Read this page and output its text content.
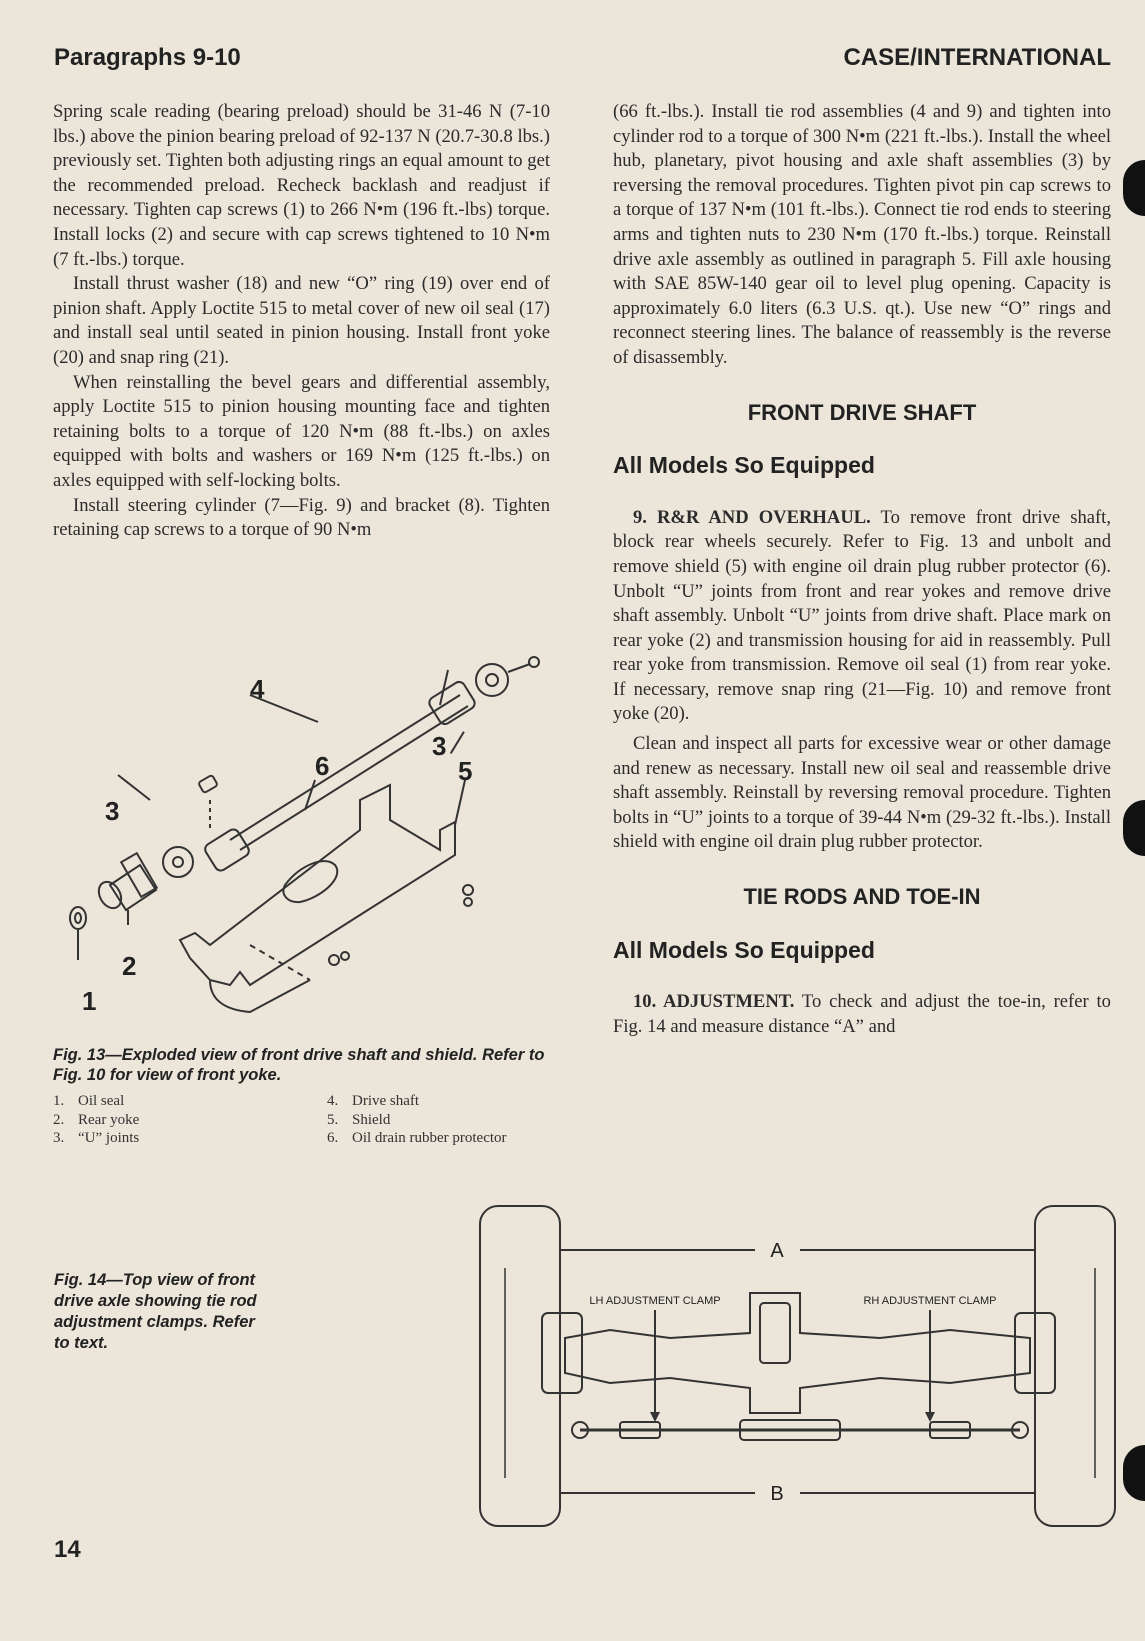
Paragraphs 9-10	CASE/INTERNATIONAL

Spring scale reading (bearing preload) should be 31-46 N (7-10 lbs.) above the pinion bearing preload of 92-137 N (20.7-30.8 lbs.) previously set. Tighten both adjusting rings an equal amount to get the recommended preload. Recheck backlash and readjust if necessary. Tighten cap screws (1) to 266 N•m (196 ft.-lbs) torque. Install locks (2) and secure with cap screws tightened to 10 N•m (7 ft.-lbs.) torque.

Install thrust washer (18) and new “O” ring (19) over end of pinion shaft. Apply Loctite 515 to metal cover of new oil seal (17) and install seal until seated in pinion housing. Install front yoke (20) and snap ring (21).

When reinstalling the bevel gears and differential assembly, apply Loctite 515 to pinion housing mounting face and tighten retaining bolts to a torque of 120 N•m (88 ft.-lbs.) on axles equipped with bolts and washers or 169 N•m (125 ft.-lbs.) on axles equipped with self-locking bolts.

Install steering cylinder (7—Fig. 9) and bracket (8). Tighten retaining cap screws to a torque of 90 N•m

(66 ft.-lbs.). Install tie rod assemblies (4 and 9) and tighten into cylinder rod to a torque of 300 N•m (221 ft.-lbs.). Install the wheel hub, planetary, pivot housing and axle shaft assemblies (3) by reversing the removal procedures. Tighten pivot pin cap screws to a torque of 137 N•m (101 ft.-lbs.). Connect tie rod ends to steering arms and tighten nuts to 230 N•m (170 ft.-lbs.) torque. Reinstall drive axle assembly as outlined in paragraph 5. Fill axle housing with SAE 85W-140 gear oil to level plug opening. Capacity is approximately 6.0 liters (6.3 U.S. qt.). Use new “O” rings and reconnect steering lines. The balance of reassembly is the reverse of disassembly.

FRONT DRIVE SHAFT
All Models So Equipped

9. R&R AND OVERHAUL. To remove front drive shaft, block rear wheels securely. Refer to Fig. 13 and unbolt and remove shield (5) with engine oil drain plug rubber protector (6). Unbolt “U” joints from front and rear yokes and remove drive shaft assembly. Unbolt “U” joints from drive shaft. Place mark on rear yoke (2) and transmission housing for aid in reassembly. Pull rear yoke from transmission. Remove oil seal (1) from rear yoke. If necessary, remove snap ring (21—Fig. 10) and remove front yoke (20).

Clean and inspect all parts for excessive wear or other damage and renew as necessary. Install new oil seal and reassemble drive shaft assembly. Reinstall by reversing removal procedure. Tighten bolts in “U” joints to a torque of 39-44 N•m (29-32 ft.-lbs.). Install shield with engine oil drain plug rubber protector.

TIE RODS AND TOE-IN
All Models So Equipped

10. ADJUSTMENT. To check and adjust the toe-in, refer to Fig. 14 and measure distance “A” and

4
3
6	5
3
2
1
Fig. 13—Exploded view of front drive shaft and shield. Refer to Fig. 10 for view of front yoke.
1. Oil seal
2. Rear yoke
3. “U” joints
4. Drive shaft
5. Shield
6. Oil drain rubber protector
Fig. 14—Top view of front drive axle showing tie rod adjustment clamps. Refer to text.
A
B
LH ADJUSTMENT CLAMP	RH ADJUSTMENT CLAMP
14
